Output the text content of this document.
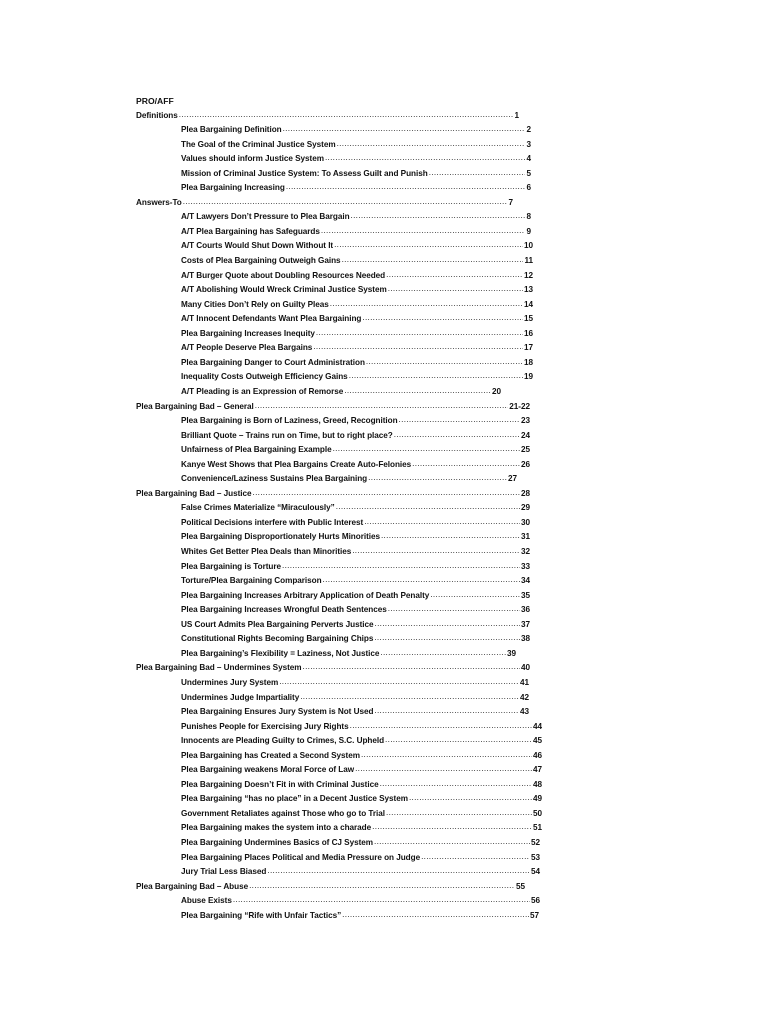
PRO/AFF
Definitions .....	1
Plea Bargaining Definition .....	2
The Goal of the Criminal Justice System .....	3
Values should inform Justice System .....	4
Mission of Criminal Justice System: To Assess Guilt and Punish .....	5
Plea Bargaining Increasing .....	6
Answers-To .....	7
A/T Lawyers Don’t Pressure to Plea Bargain .....	8
A/T Plea Bargaining has Safeguards .....	9
A/T Courts Would Shut Down Without It .....	10
Costs of Plea Bargaining Outweigh Gains .....	11
A/T Burger Quote about Doubling Resources Needed .....	12
A/T Abolishing Would Wreck Criminal Justice System .....	13
Many Cities Don’t Rely on Guilty Pleas .....	14
A/T Innocent Defendants Want Plea Bargaining .....	15
Plea Bargaining Increases Inequity .....	16
A/T People Deserve Plea Bargains .....	17
Plea Bargaining Danger to Court Administration .....	18
Inequality Costs Outweigh Efficiency Gains .....	19
A/T Pleading is an Expression of Remorse .....	20
Plea Bargaining Bad – General .....	21-22
Plea Bargaining is Born of Laziness, Greed, Recognition .....	23
Brilliant Quote – Trains run on Time, but to right place? .....	24
Unfairness of Plea Bargaining Example .....	25
Kanye West Shows that Plea Bargains Create Auto-Felonies .....	26
Convenience/Laziness Sustains Plea Bargaining .....	27
Plea Bargaining Bad – Justice .....	28
False Crimes Materialize “Miraculously” .....	29
Political Decisions interfere with Public Interest .....	30
Plea Bargaining Disproportionately Hurts Minorities .....	31
Whites Get Better Plea Deals than Minorities .....	32
Plea Bargaining is Torture .....	33
Torture/Plea Bargaining Comparison .....	34
Plea Bargaining Increases Arbitrary Application of Death Penalty .....	35
Plea Bargaining Increases Wrongful Death Sentences .....	36
US Court Admits Plea Bargaining Perverts Justice .....	37
Constitutional Rights Becoming Bargaining Chips .....	38
Plea Bargaining’s Flexibility = Laziness, Not Justice .....	39
Plea Bargaining Bad – Undermines System .....	40
Undermines Jury System .....	41
Undermines Judge Impartiality .....	42
Plea Bargaining Ensures Jury System is Not Used .....	43
Punishes People for Exercising Jury Rights .....	44
Innocents are Pleading Guilty to Crimes, S.C. Upheld .....	45
Plea Bargaining has Created a Second System .....	46
Plea Bargaining weakens Moral Force of Law .....	47
Plea Bargaining Doesn’t Fit in with Criminal Justice .....	48
Plea Bargaining “has no place” in a Decent Justice System .....	49
Government Retaliates against Those who go to Trial .....	50
Plea Bargaining makes the system into a charade .....	51
Plea Bargaining Undermines Basics of CJ System .....	52
Plea Bargaining Places Political and Media Pressure on Judge .....	53
Jury Trial Less Biased .....	54
Plea Bargaining Bad – Abuse .....	55
Abuse Exists .....	56
Plea Bargaining “Rife with Unfair Tactics” .....	57
